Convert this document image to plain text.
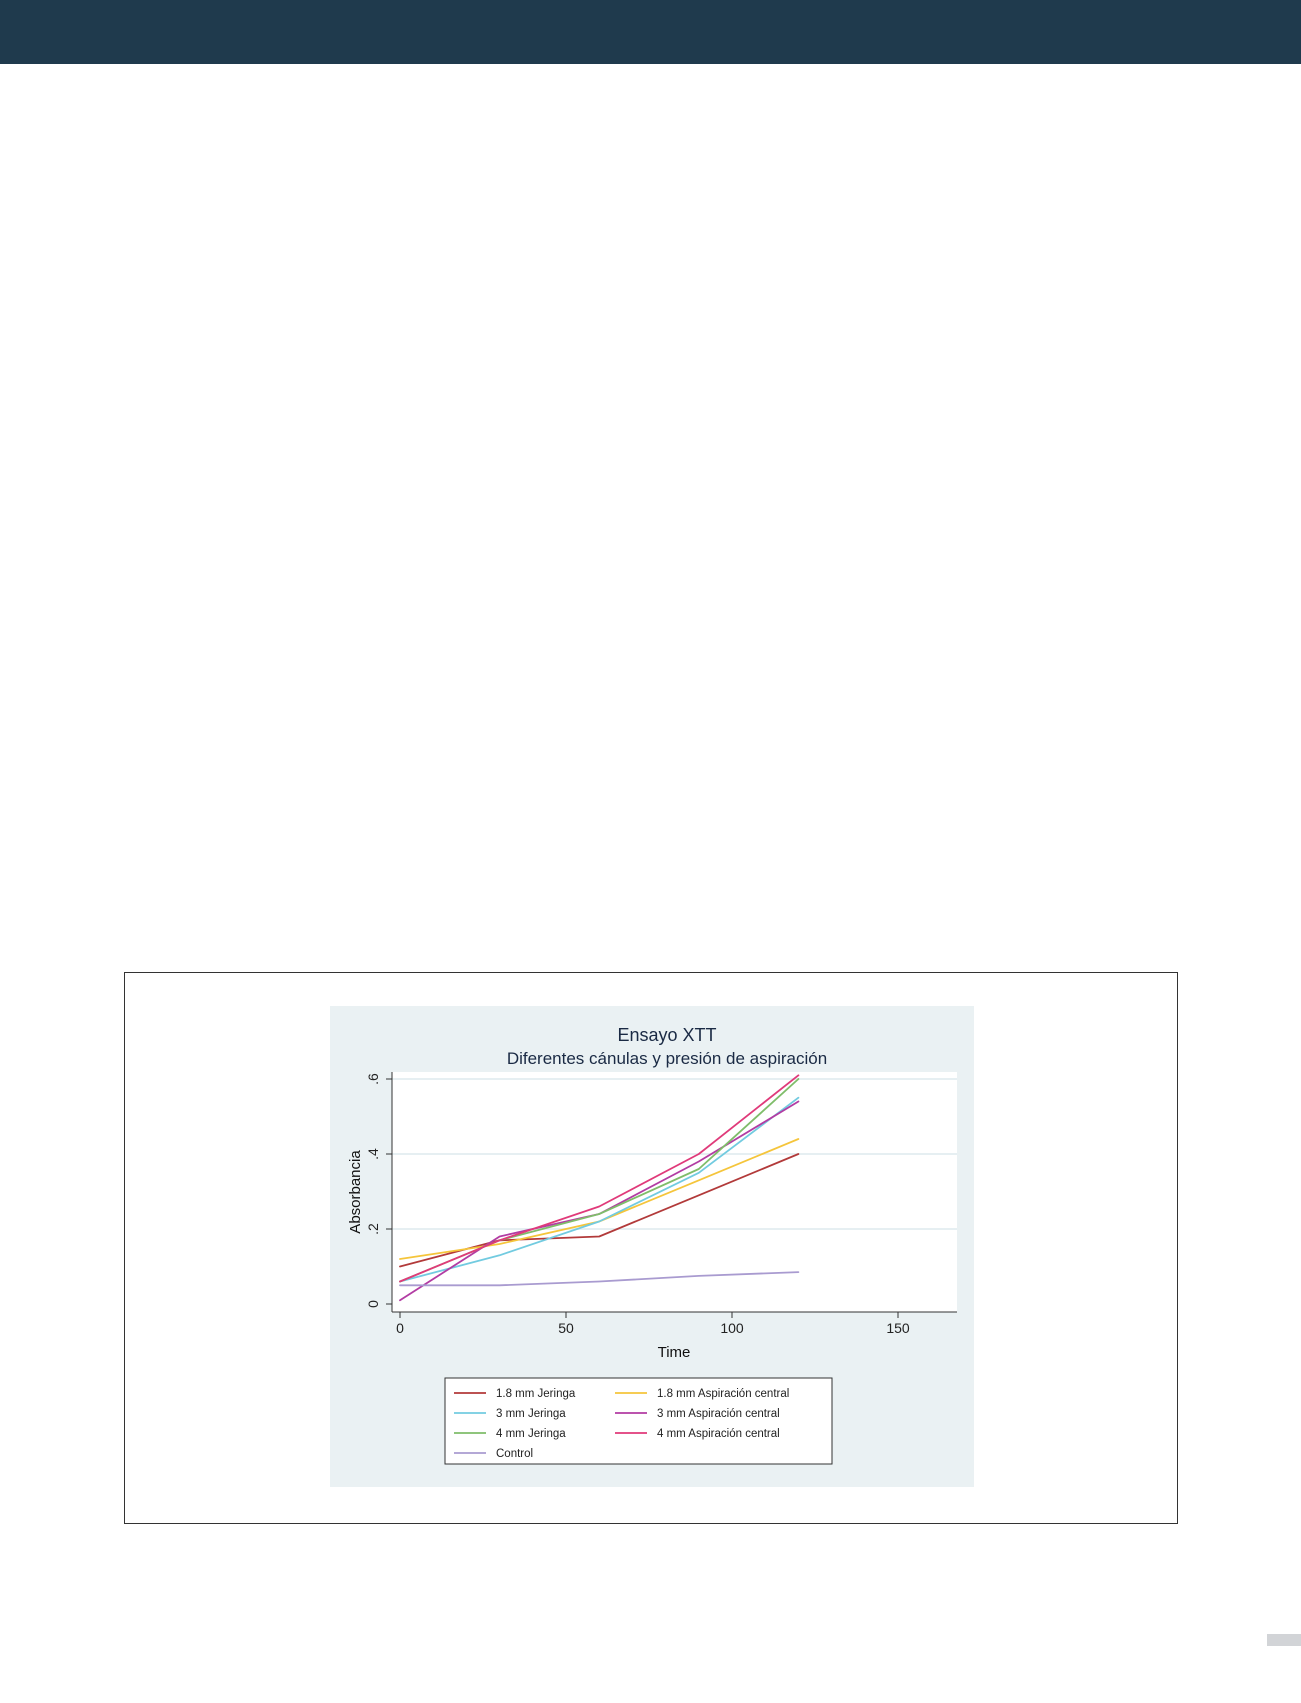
Ensayo XTT
Diferentes cánulas y presión de aspiración
0	50	100	150
0
.2
.4
.6
Time
Absorbancia
1.8 mm Jeringa	1.8 mm Aspiración central
3 mm Jeringa	3 mm Aspiración central
4 mm Jeringa	4 mm Aspiración central
Control
